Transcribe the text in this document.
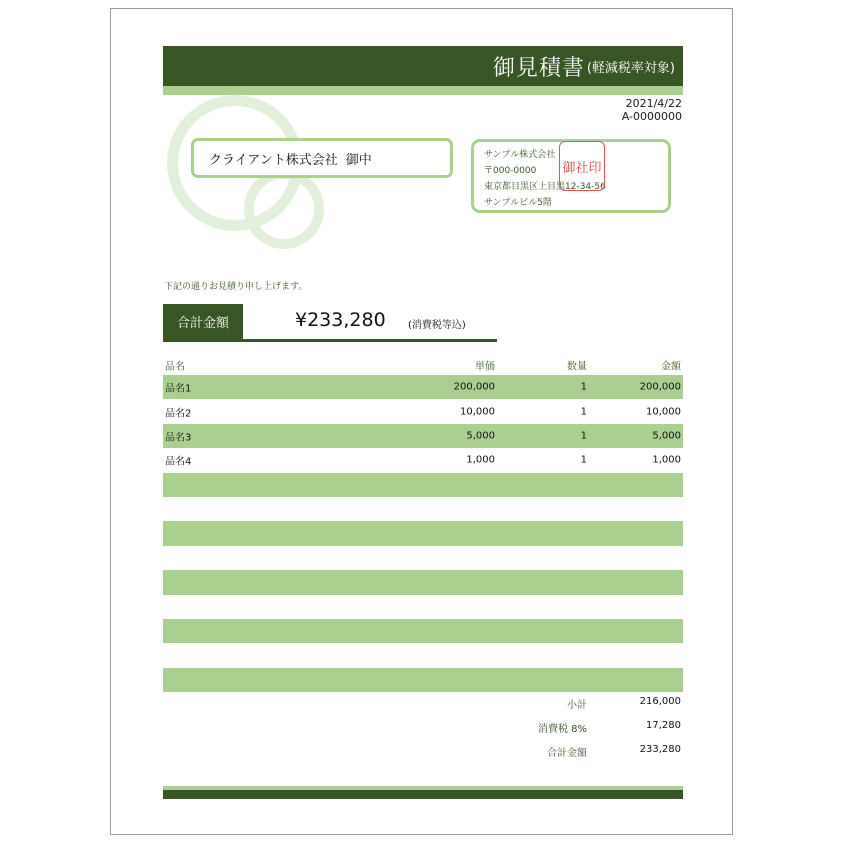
御見積書 (軽減税率対象)
2021/4/22
A-0000000
クライアント株式会社 御中	サンプル株式会社
〒000-0000
東京都目黒区上目黒12-34-56
サンプルビル5階
御社印
下記の通りお見積り申し上げます。
合計金額	¥233,280 (消費税等込)
品名	単価	数量	金額
品名1	200,000	1	200,000
品名2	10,000	1	10,000
品名3	5,000	1	5,000
品名4	1,000	1	1,000
小計	216,000
消費税 8%	17,280
合計金額	233,280
